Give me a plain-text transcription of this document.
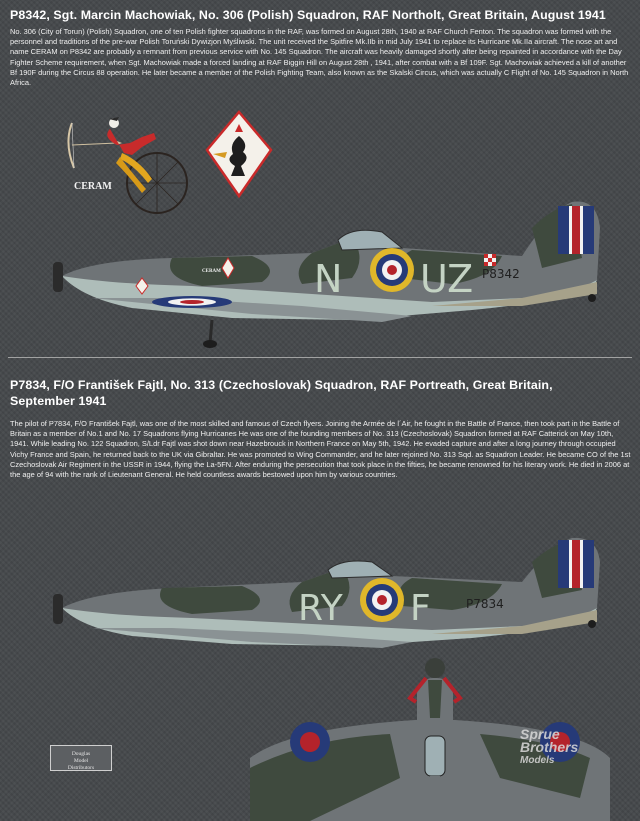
P8342, Sgt. Marcin Machowiak, No. 306 (Polish) Squadron, RAF Northolt, Great Britain, August 1941
No. 306 (City of Torun) (Polish) Squadron, one of ten Polish fighter squadrons in the RAF, was formed on August 28th, 1940 at RAF Church Fenton. The squadron was formed with the personnel and traditions of the pre-war Polish Toruński Dywizjon Myśliwski. The unit received the Spitfire Mk.IIb in mid July 1941 to replace its Hurricane Mk.IIa aircraft. The nose art and name CERAM on P8342 are probably a remnant from previous service with No. 145 Squadron. The aircraft was heavily damaged shortly after being repainted in accordance with the Day Fighter Scheme requirement, when Sgt. Machowiak made a forced landing at RAF Biggin Hill on August 28th , 1941, after combat with a Bf 109F. Sgt. Machowiak achieved a kill of another Bf 190F during the Circus 88 operation. He later became a member of the Polish Fighting Team, also known as the Skalski Circus, which was actually C Flight of No. 145 Squadron in North Africa.
CERAM
N UZ P8342
CERAM
P7834, F/O František Fajtl, No. 313 (Czechoslovak) Squadron, RAF Portreath, Great Britain,
September 1941
The pilot of P7834, F/O František Fajtl, was one of the most skilled and famous of Czech flyers. Joining the Armée de l´Air, he fought in the Battle of France, then took part in the Battle of Britain as a member of No.1 and No. 17 Squadrons flying Hurricanes He was one of the founding members of No. 313 (Czechoslovak) Squadron formed at RAF Catterick on May 10th, 1941. While leading No. 122 Squadron, S/Ldr Fajtl was shot down near Hazebrouck in Northern France on May 5th, 1942. He evaded capture and after a long journey through occupied Vichy France and Spain, he returned back to the UK via Gibraltar. He was promoted to Wing Commander, and he later rejoined No. 313 Sqd. as Squadron Leader. He became CO of the 1st Czechoslovak Air Regiment in the USSR in 1944, flying the La-5FN. After enduring the persecution that took place in the fifties, he became renowned for his literary work. He died in 2006 at the age of 94 with the rank of Lieutenant General. He held countless awards bestowed upon him by various countries.
RY F	P7834
Douglas
Model
Distributors
Sprue
Brothers
Models
